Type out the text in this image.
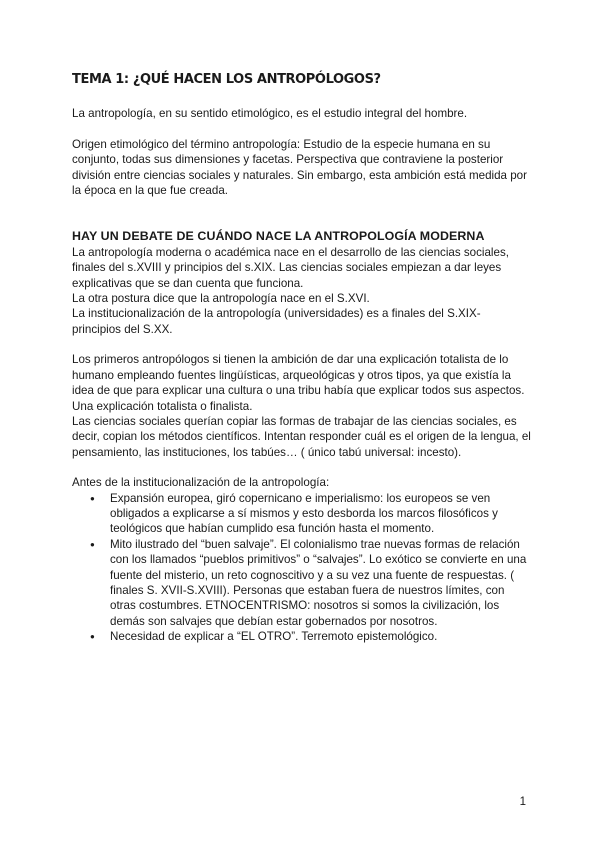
TEMA 1: ¿QUÉ HACEN LOS ANTROPÓLOGOS?

La antropología, en su sentido etimológico, es el estudio integral del hombre.

Origen etimológico del término antropología: Estudio de la especie humana en su conjunto, todas sus dimensiones y facetas. Perspectiva que contraviene la posterior división entre ciencias sociales y naturales. Sin embargo, esta ambición está medida por la época en la que fue creada.

HAY UN DEBATE DE CUÁNDO NACE LA ANTROPOLOGÍA MODERNA

La antropología moderna o académica nace en el desarrollo de las ciencias sociales, finales del s.XVIII y principios del s.XIX. Las ciencias sociales empiezan a dar leyes explicativas que se dan cuenta que funciona.

La otra postura dice que la antropología nace en el S.XVI.

La institucionalización de la antropología (universidades) es a finales del S.XIX- principios del S.XX.

Los primeros antropólogos si tienen la ambición de dar una explicación totalista de lo humano empleando fuentes lingüísticas, arqueológicas y otros tipos, ya que existía la idea de que para explicar una cultura o una tribu había que explicar todos sus aspectos. Una explicación totalista o finalista.

Las ciencias sociales querían copiar las formas de trabajar de las ciencias sociales, es decir, copian los métodos científicos. Intentan responder cuál es el origen de la lengua, el pensamiento, las instituciones, los tabúes… ( único tabú universal: incesto).

Antes de la institucionalización de la antropología:

● Expansión europea, giró copernicano e imperialismo: los europeos se ven obligados a explicarse a sí mismos y esto desborda los marcos filosóficos y teológicos que habían cumplido esa función hasta el momento.
● Mito ilustrado del “buen salvaje”. El colonialismo trae nuevas formas de relación con los llamados “pueblos primitivos” o “salvajes”. Lo exótico se convierte en una fuente del misterio, un reto cognoscitivo y a su vez una fuente de respuestas. ( finales S. XVII-S.XVIII). Personas que estaban fuera de nuestros límites, con otras costumbres. ETNOCENTRISMO: nosotros si somos la civilización, los demás son salvajes que debían estar gobernados por nosotros.
● Necesidad de explicar a “EL OTRO”. Terremoto epistemológico.
1
